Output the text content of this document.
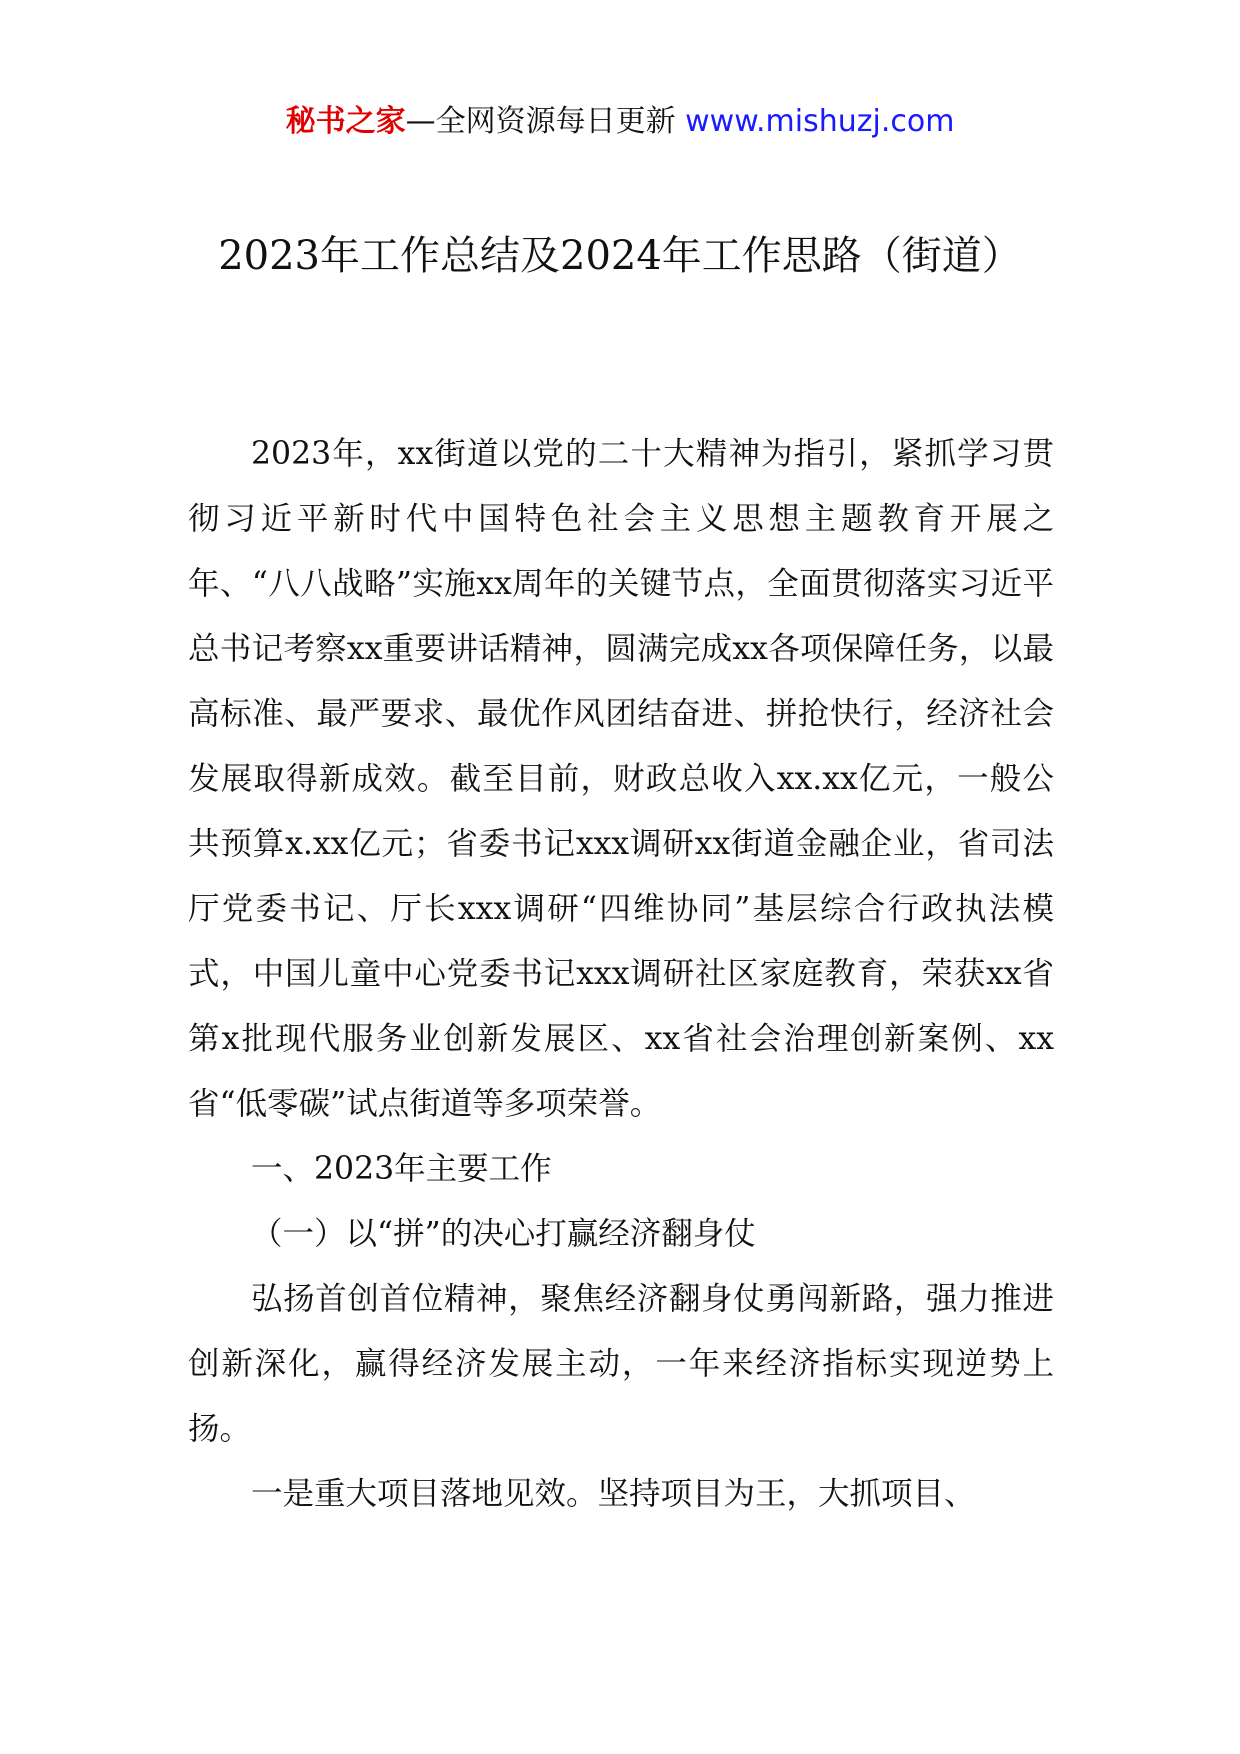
秘书之家—全网资源每日更新 www.mishuzj.com
2023年工作总结及2024年工作思路（街道）

2023年，xx街道以党的二十大精神为指引，紧抓学习贯彻习近平新时代中国特色社会主义思想主题教育开展之年、“八八战略”实施xx周年的关键节点，全面贯彻落实习近平总书记考察xx重要讲话精神，圆满完成xx各项保障任务，以最高标准、最严要求、最优作风团结奋进、拼抢快行，经济社会发展取得新成效。截至目前，财政总收入xx.xx亿元，一般公共预算x.xx亿元；省委书记xxx调研xx街道金融企业，省司法厅党委书记、厅长xxx调研“四维协同”基层综合行政执法模式，中国儿童中心党委书记xxx调研社区家庭教育，荣获xx省第x批现代服务业创新发展区、xx省社会治理创新案例、xx省“低零碳”试点街道等多项荣誉。

一、2023年主要工作

（一）以“拼”的决心打赢经济翻身仗

弘扬首创首位精神，聚焦经济翻身仗勇闯新路，强力推进创新深化，赢得经济发展主动，一年来经济指标实现逆势上扬。

一是重大项目落地见效。坚持项目为王，大抓项目、
